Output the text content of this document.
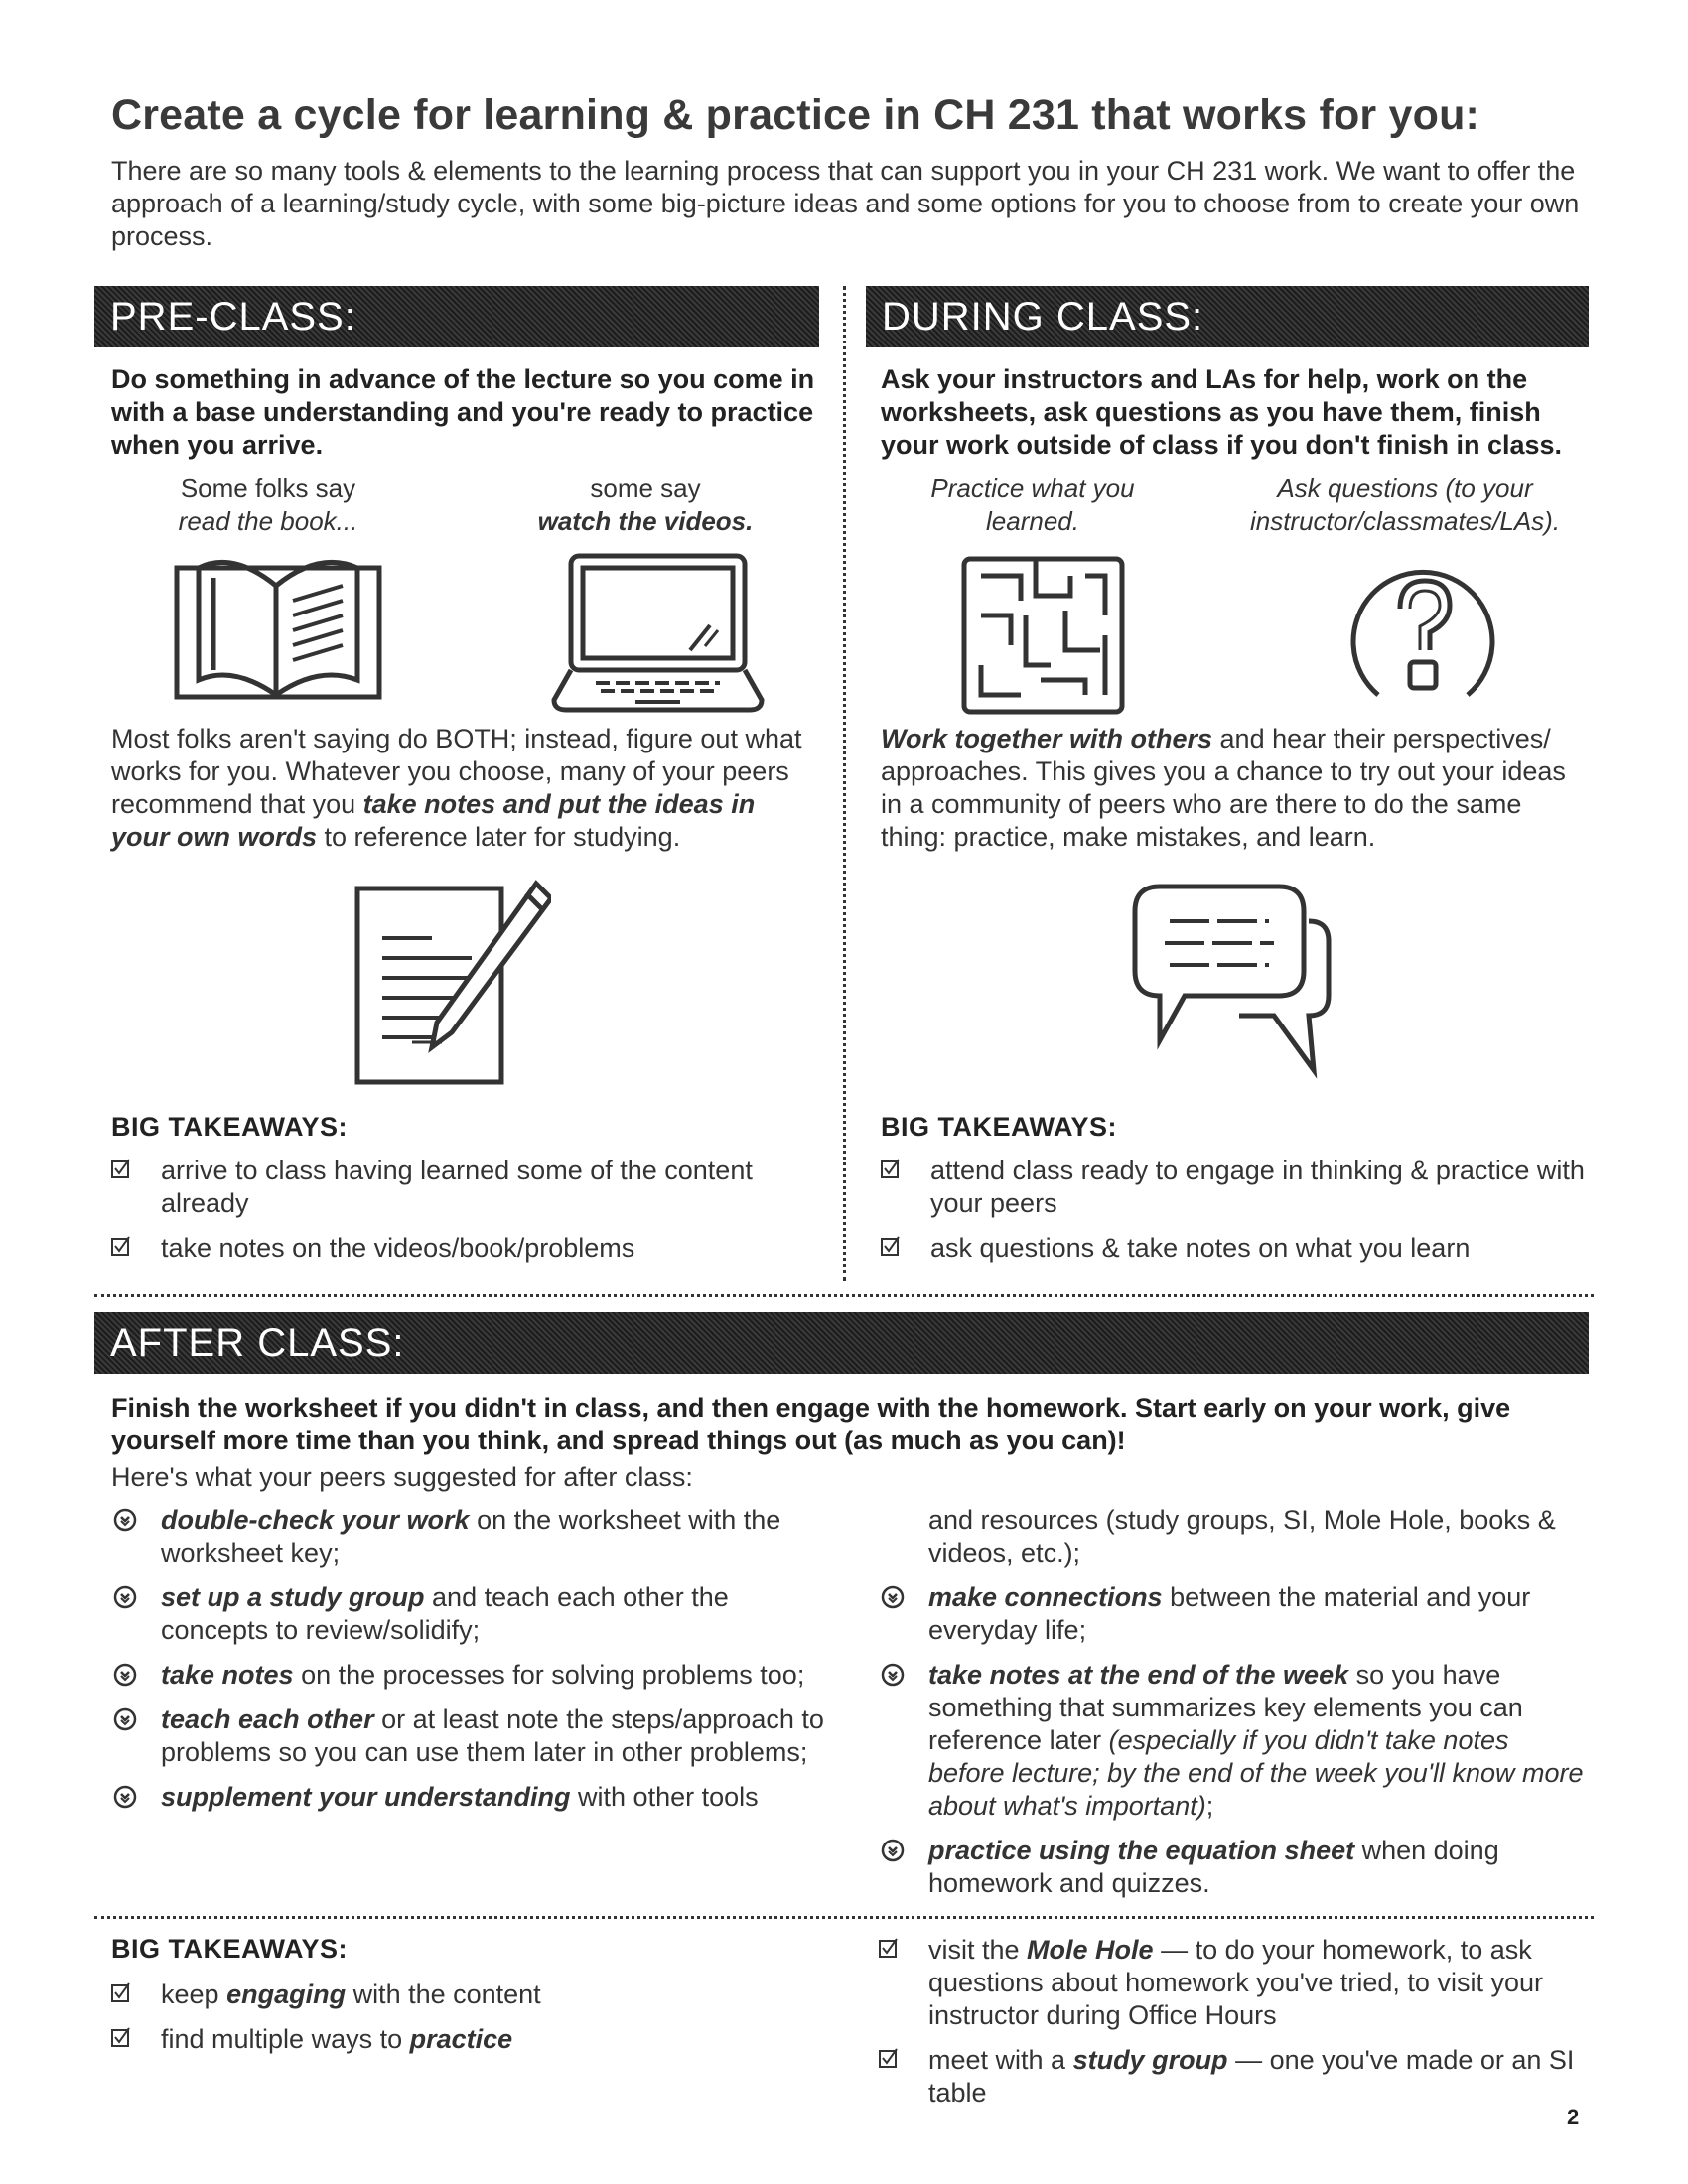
Create a cycle for learning & practice in CH 231 that works for you:
There are so many tools & elements to the learning process that can support you in your CH 231 work. We want to offer the approach of a learning/study cycle, with some big-picture ideas and some options for you to choose from to create your own process.
PRE-CLASS:
Do something in advance of the lecture so you come in with a base understanding and you're ready to practice when you arrive.
Some folks say
read the book...
some say
watch the videos.
Most folks aren't saying do BOTH; instead, figure out what works for you. Whatever you choose, many of your peers recommend that you take notes and put the ideas in your own words to reference later for studying.
BIG TAKEAWAYS:
arrive to class having learned some of the content already
take notes on the videos/book/problems
DURING CLASS:
Ask your instructors and LAs for help, work on the worksheets, ask questions as you have them, finish your work outside of class if you don't finish in class.
Practice what you
learned.
Ask questions (to your
instructor/classmates/LAs).
Work together with others and hear their perspectives/ approaches. This gives you a chance to try out your ideas in a community of peers who are there to do the same thing: practice, make mistakes, and learn.
BIG TAKEAWAYS:
attend class ready to engage in thinking & practice with your peers
ask questions & take notes on what you learn
AFTER CLASS:
Finish the worksheet if you didn't in class, and then engage with the homework. Start early on your work, give yourself more time than you think, and spread things out (as much as you can)!
Here's what your peers suggested for after class:
double-check your work on the worksheet with the worksheet key;
set up a study group and teach each other the concepts to review/solidify;
take notes on the processes for solving problems too;
teach each other or at least note the steps/approach to problems so you can use them later in other problems;
supplement your understanding with other tools
and resources (study groups, SI, Mole Hole, books & videos, etc.);
make connections between the material and your everyday life;
take notes at the end of the week so you have something that summarizes key elements you can reference later (especially if you didn't take notes before lecture; by the end of the week you'll know more about what's important);
practice using the equation sheet when doing homework and quizzes.
BIG TAKEAWAYS:
keep engaging with the content
find multiple ways to practice
visit the Mole Hole — to do your homework, to ask questions about homework you've tried, to visit your instructor during Office Hours
meet with a study group — one you've made or an SI table
2
